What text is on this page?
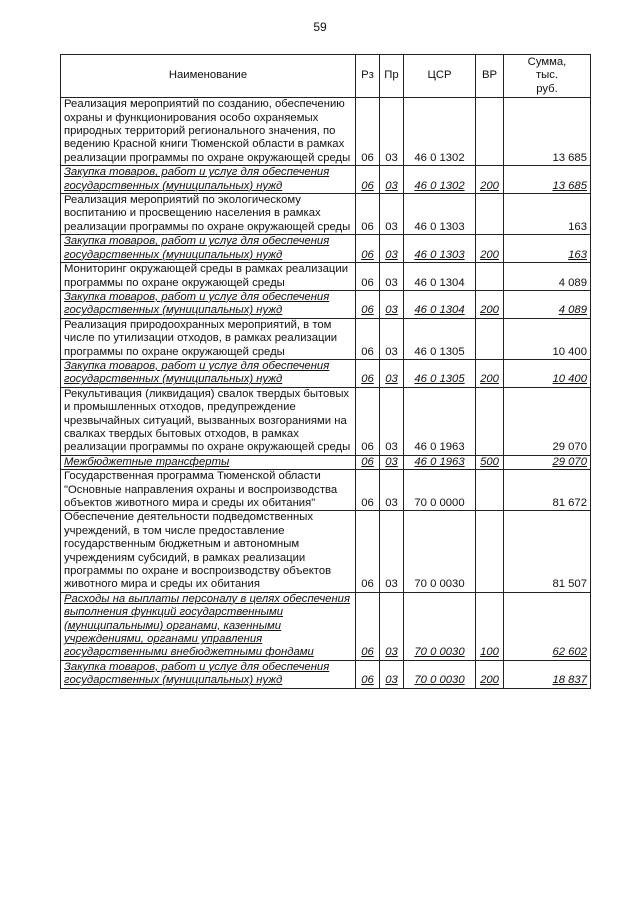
59
Наименование	Рз	Пр	ЦСР	ВР	Сумма, тыс. руб.
Реализация мероприятий по созданию, обеспечению охраны и функционирования особо охраняемых природных территорий регионального значения, по ведению Красной книги Тюменской области в рамках реализации программы по охране окружающей среды	06	03	46 0 1302		13 685
Закупка товаров, работ и услуг для обеспечения государственных (муниципальных) нужд	06	03	46 0 1302	200	13 685
Реализация мероприятий по экологическому воспитанию и просвещению населения в рамках реализации программы по охране окружающей среды	06	03	46 0 1303		163
Закупка товаров, работ и услуг для обеспечения государственных (муниципальных) нужд	06	03	46 0 1303	200	163
Мониторинг окружающей среды в рамках реализации программы по охране окружающей среды	06	03	46 0 1304		4 089
Закупка товаров, работ и услуг для обеспечения государственных (муниципальных) нужд	06	03	46 0 1304	200	4 089
Реализация природоохранных мероприятий, в том числе по утилизации отходов, в рамках реализации программы по охране окружающей среды	06	03	46 0 1305		10 400
Закупка товаров, работ и услуг для обеспечения государственных (муниципальных) нужд	06	03	46 0 1305	200	10 400
Рекультивация (ликвидация) свалок твердых бытовых и промышленных отходов, предупреждение чрезвычайных ситуаций, вызванных возгораниями на свалках твердых бытовых отходов, в рамках реализации программы по охране окружающей среды	06	03	46 0 1963		29 070
Межбюджетные трансферты	06	03	46 0 1963	500	29 070
Государственная программа Тюменской области "Основные направления охраны и воспроизводства объектов животного мира и среды их обитания"	06	03	70 0 0000		81 672
Обеспечение деятельности подведомственных учреждений, в том числе предоставление государственным бюджетным и автономным учреждениям субсидий, в рамках реализации программы по охране и воспроизводству объектов животного мира и среды их обитания	06	03	70 0 0030		81 507
Расходы на выплаты персоналу в целях обеспечения выполнения функций государственными (муниципальными) органами, казенными учреждениями, органами управления государственными внебюджетными фондами	06	03	70 0 0030	100	62 602
Закупка товаров, работ и услуг для обеспечения государственных (муниципальных) нужд	06	03	70 0 0030	200	18 837
